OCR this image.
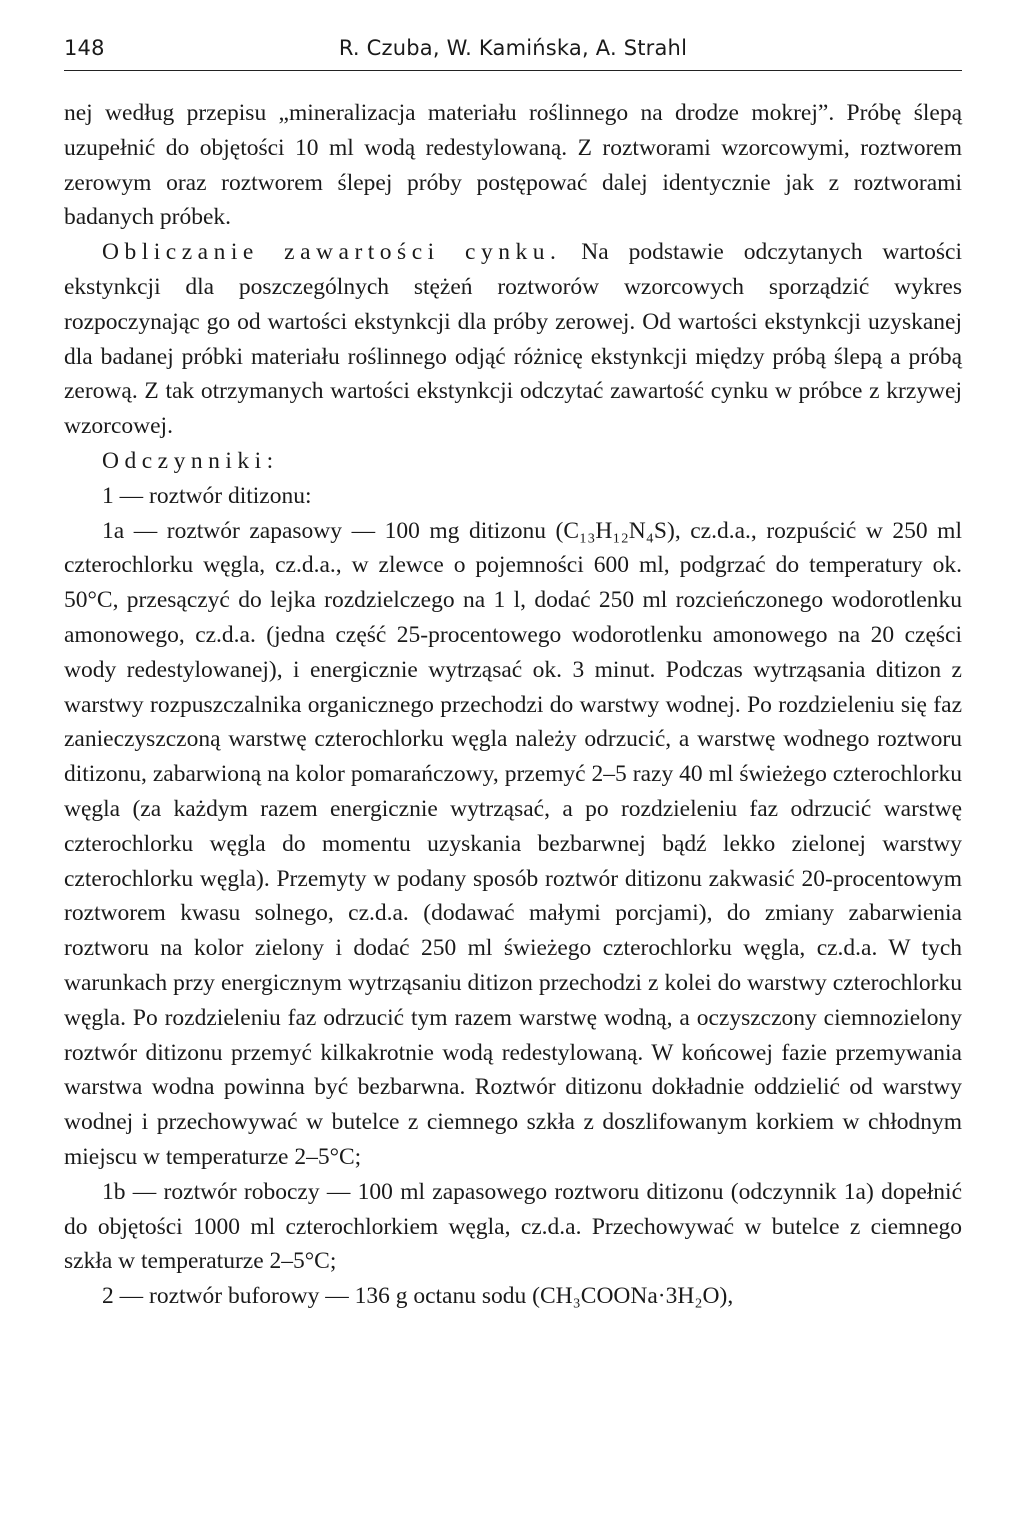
148	R. Czuba, W. Kamińska, A. Strahl

nej według przepisu „mineralizacja materiału roślinnego na drodze mokrej”. Próbę ślepą uzupełnić do objętości 10 ml wodą redestylowaną. Z roztworami wzorcowymi, roztworem zerowym oraz roztworem ślepej próby postępować dalej identycznie jak z roztworami badanych próbek.

Obliczanie zawartości cynku. Na podstawie odczytanych wartości ekstynkcji dla poszczególnych stężeń roztworów wzorcowych sporządzić wykres rozpoczynając go od wartości ekstynkcji dla próby zerowej. Od wartości ekstynkcji uzyskanej dla badanej próbki materiału roślinnego odjąć różnicę ekstynkcji między próbą ślepą a próbą zerową. Z tak otrzymanych wartości ekstynkcji odczytać zawartość cynku w próbce z krzywej wzorcowej.

Odczynniki:

1 — roztwór ditizonu:

1a — roztwór zapasowy — 100 mg ditizonu (C₁₃H₁₂N₄S), cz.d.a., rozpuścić w 250 ml czterochlorku węgla, cz.d.a., w zlewce o pojemności 600 ml, podgrzać do temperatury ok. 50°C, przesączyć do lejka rozdzielczego na 1 l, dodać 250 ml rozcieńczonego wodorotlenku amonowego, cz.d.a. (jedna część 25-procentowego wodorotlenku amonowego na 20 części wody redestylowanej), i energicznie wytrząsać ok. 3 minut. Podczas wytrząsania ditizon z warstwy rozpuszczalnika organicznego przechodzi do warstwy wodnej. Po rozdzieleniu się faz zanieczyszczoną warstwę czterochlorku węgla należy odrzucić, a warstwę wodnego roztworu ditizonu, zabarwioną na kolor pomarańczowy, przemyć 2–5 razy 40 ml świeżego czterochlorku węgla (za każdym razem energicznie wytrząsać, a po rozdzieleniu faz odrzucić warstwę czterochlorku węgla do momentu uzyskania bezbarwnej bądź lekko zielonej warstwy czterochlorku węgla). Przemyty w podany sposób roztwór ditizonu zakwasić 20-procentowym roztworem kwasu solnego, cz.d.a. (dodawać małymi porcjami), do zmiany zabarwienia roztworu na kolor zielony i dodać 250 ml świeżego czterochlorku węgla, cz.d.a. W tych warunkach przy energicznym wytrząsaniu ditizon przechodzi z kolei do warstwy czterochlorku węgla. Po rozdzieleniu faz odrzucić tym razem warstwę wodną, a oczyszczony ciemnozielony roztwór ditizonu przemyć kilkakrotnie wodą redestylowaną. W końcowej fazie przemywania warstwa wodna powinna być bezbarwna. Roztwór ditizonu dokładnie oddzielić od warstwy wodnej i przechowywać w butelce z ciemnego szkła z doszlifowanym korkiem w chłodnym miejscu w temperaturze 2–5°C;

1b — roztwór roboczy — 100 ml zapasowego roztworu ditizonu (odczynnik 1a) dopełnić do objętości 1000 ml czterochlorkiem węgla, cz.d.a. Przechowywać w butelce z ciemnego szkła w temperaturze 2–5°C;

2 — roztwór buforowy — 136 g octanu sodu (CH₃COONa·3H₂O),
